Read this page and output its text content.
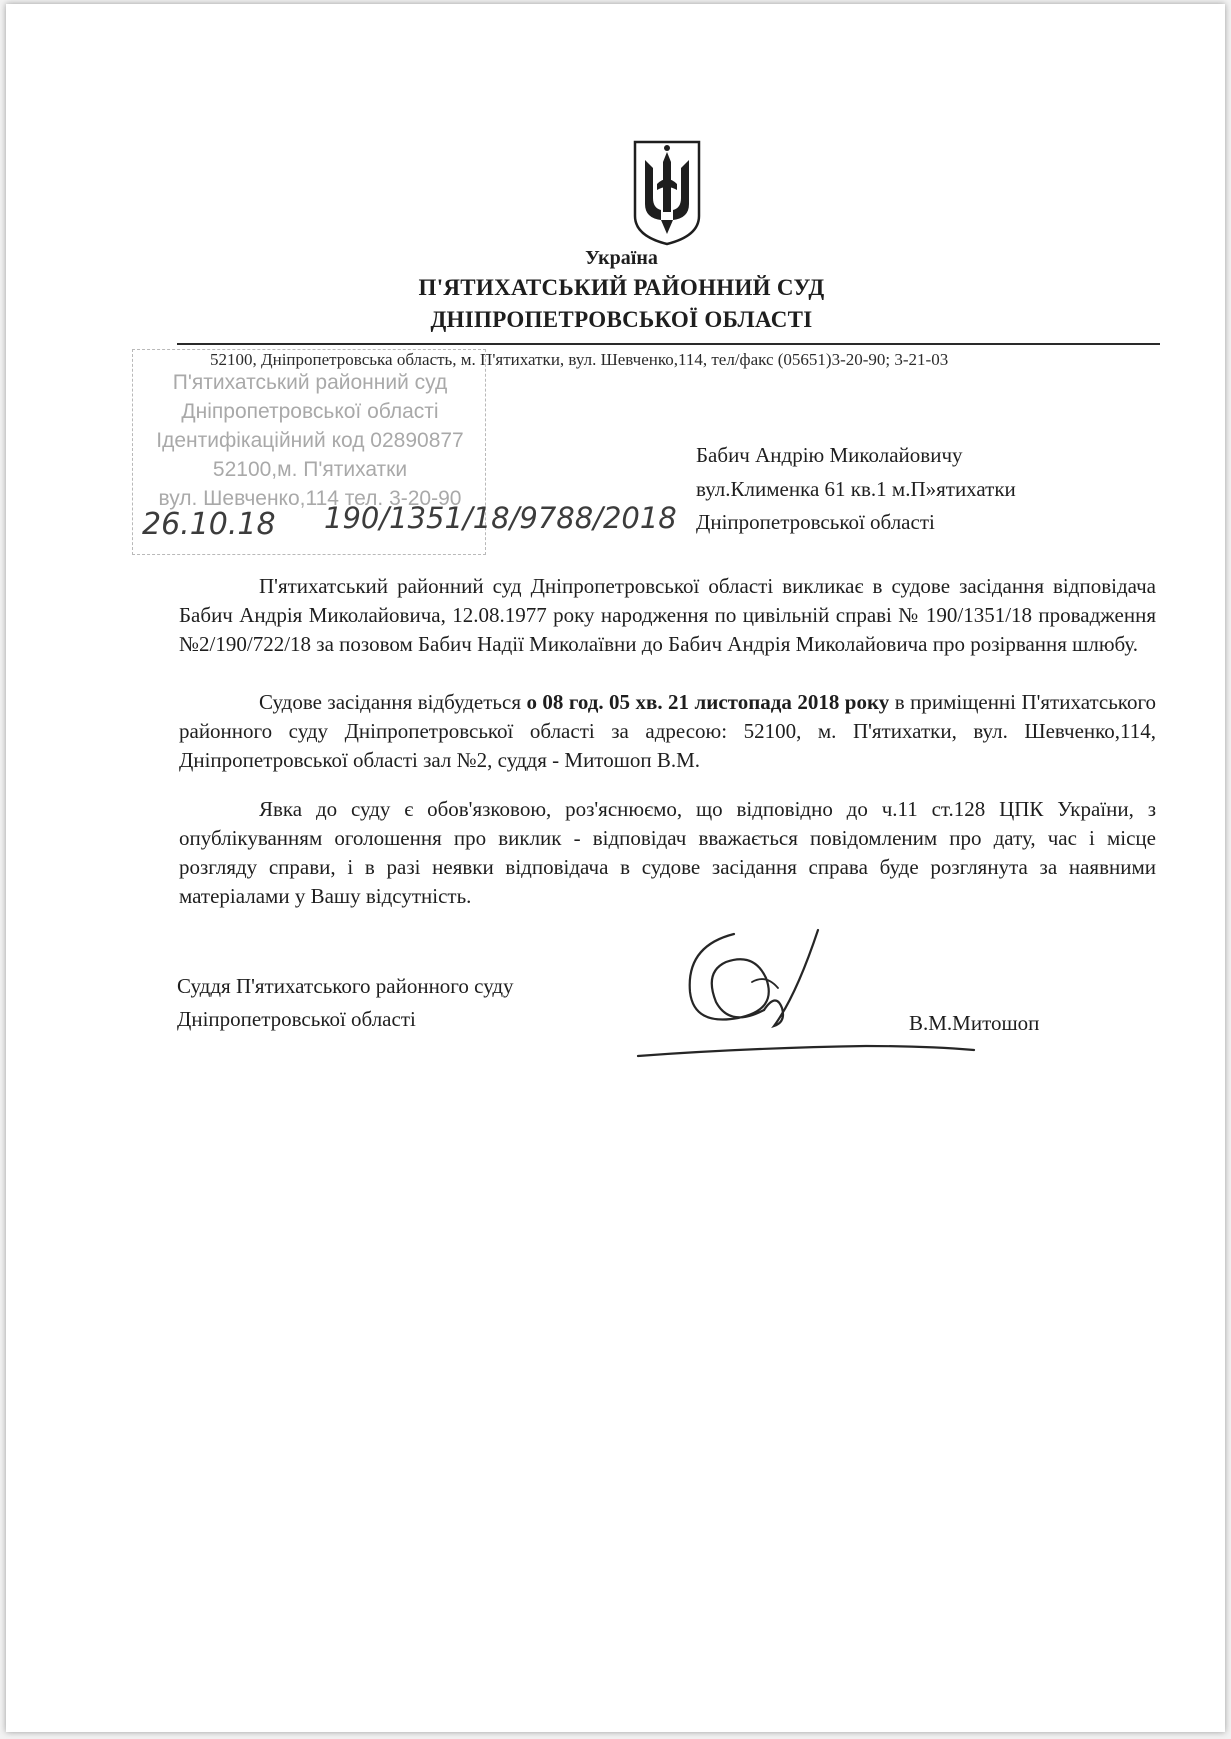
Україна
П'ЯТИХАТСЬКИЙ РАЙОННИЙ СУД
ДНІПРОПЕТРОВСЬКОЇ ОБЛАСТІ
52100, Дніпропетровська область, м. П'ятихатки, вул. Шевченко,114, тел/факс (05651)3-20-90; 3-21-03
П'ятихатський районний суд
Дніпропетровської області
Ідентифікаційний код 02890877
52100,м. П'ятихатки
вул. Шевченко,114 тел. 3-20-90
26.10.18 190/1351/18/9788/2018
Бабич Андрію Миколайовичу
вул.Клименка 61 кв.1 м.П»ятихатки
Дніпропетровської області
П'ятихатський районний суд Дніпропетровської області викликає в судове засідання відповідача Бабич Андрія Миколайовича, 12.08.1977 року народження по цивільній справі № 190/1351/18 провадження №2/190/722/18 за позовом Бабич Надії Миколаївни до Бабич Андрія Миколайовича про розірвання шлюбу.
Судове засідання відбудеться о 08 год. 05 хв. 21 листопада 2018 року в приміщенні П'ятихатського районного суду Дніпропетровської області за адресою: 52100, м. П'ятихатки, вул. Шевченко,114, Дніпропетровської області зал №2, суддя - Митошоп В.М.
Явка до суду є обов'язковою, роз'яснюємо, що відповідно до ч.11 ст.128 ЦПК України, з опублікуванням оголошення про виклик - відповідач вважається повідомленим про дату, час і місце розгляду справи, і в разі неявки відповідача в судове засідання справа буде розглянута за наявними матеріалами у Вашу відсутність.
Суддя П'ятихатського районного суду
Дніпропетровської області	В.М.Митошоп
